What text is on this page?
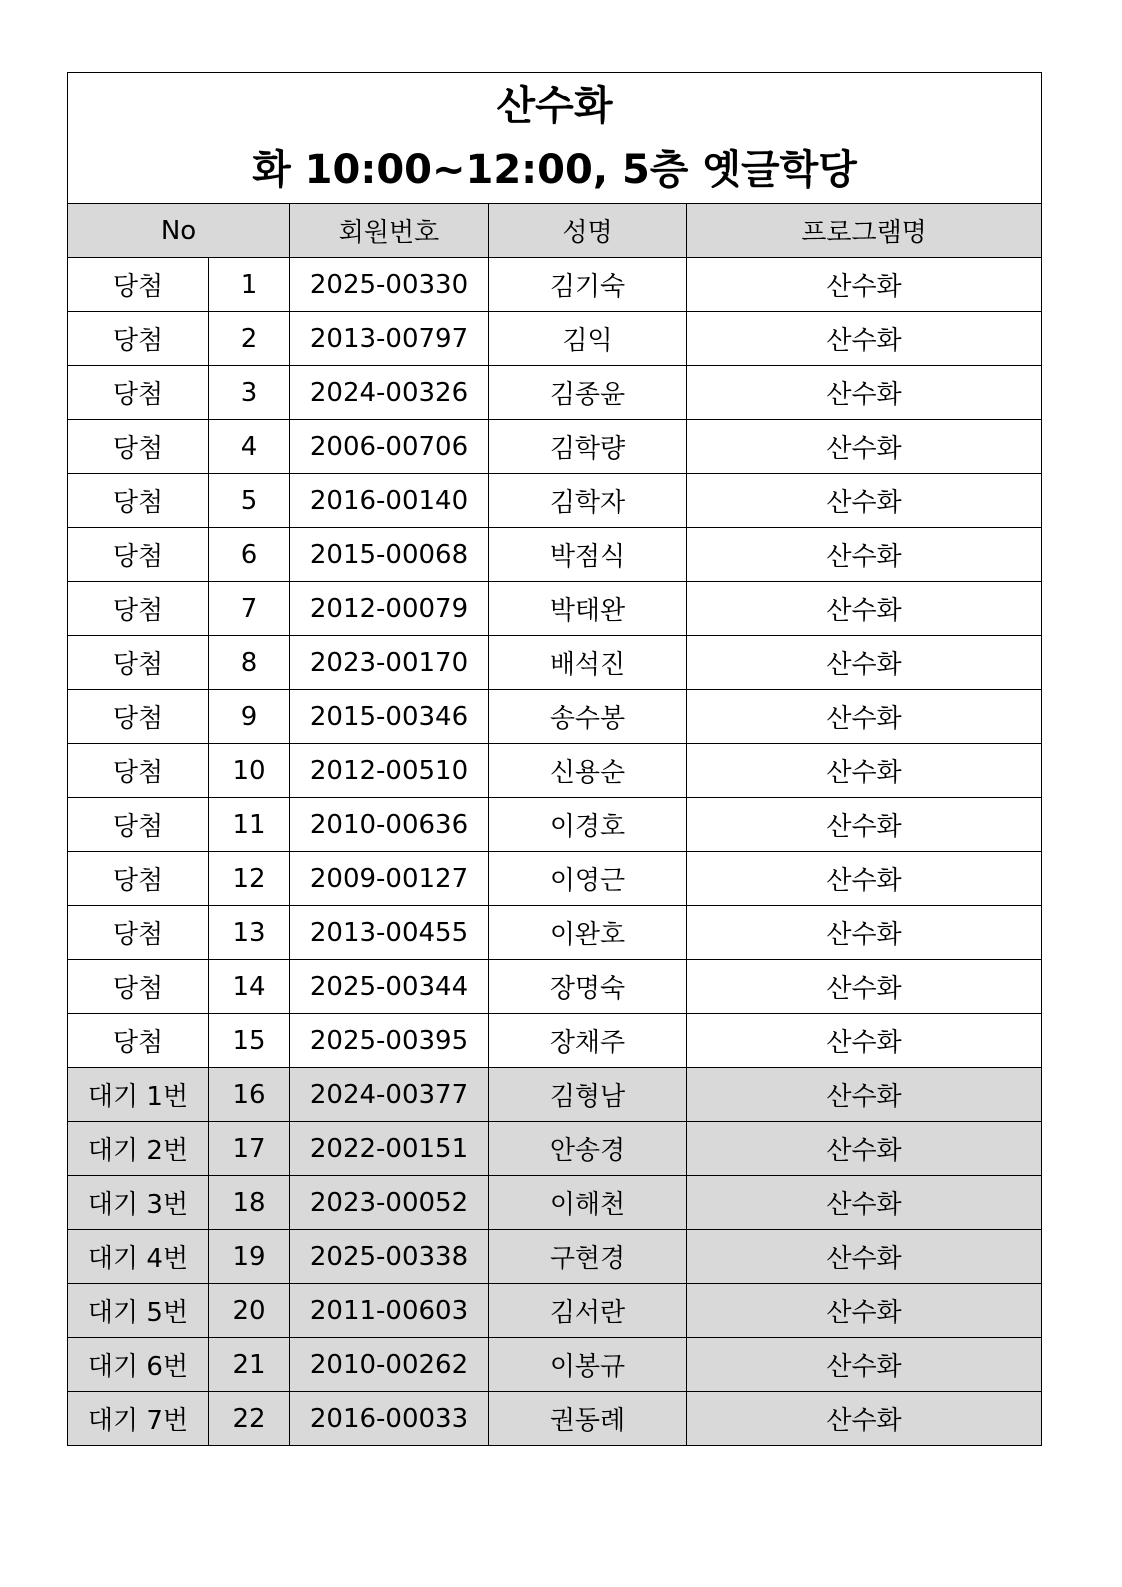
산수화
화 10:00~12:00, 5층 옛글학당				

No		회원번호	성명	프로그램명
당첨	1	2025-00330	김기숙	산수화
당첨	2	2013-00797	김익	산수화
당첨	3	2024-00326	김종윤	산수화
당첨	4	2006-00706	김학량	산수화
당첨	5	2016-00140	김학자	산수화
당첨	6	2015-00068	박점식	산수화
당첨	7	2012-00079	박태완	산수화
당첨	8	2023-00170	배석진	산수화
당첨	9	2015-00346	송수봉	산수화
당첨	10	2012-00510	신용순	산수화
당첨	11	2010-00636	이경호	산수화
당첨	12	2009-00127	이영근	산수화
당첨	13	2013-00455	이완호	산수화
당첨	14	2025-00344	장명숙	산수화
당첨	15	2025-00395	장채주	산수화
대기 1번	16	2024-00377	김형남	산수화
대기 2번	17	2022-00151	안송경	산수화
대기 3번	18	2023-00052	이해천	산수화
대기 4번	19	2025-00338	구현경	산수화
대기 5번	20	2011-00603	김서란	산수화
대기 6번	21	2010-00262	이봉규	산수화
대기 7번	22	2016-00033	권동례	산수화
